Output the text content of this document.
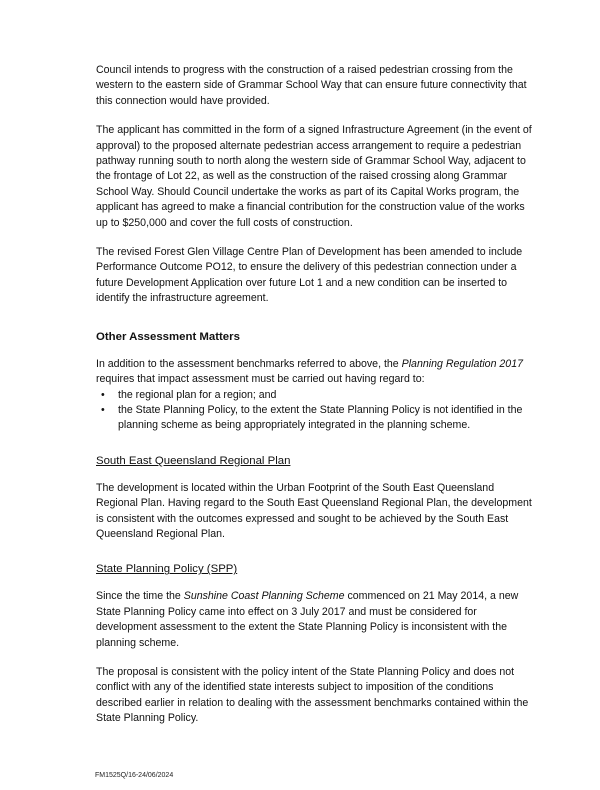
Council intends to progress with the construction of a raised pedestrian crossing from the western to the eastern side of Grammar School Way that can ensure future connectivity that this connection would have provided.

The applicant has committed in the form of a signed Infrastructure Agreement (in the event of approval) to the proposed alternate pedestrian access arrangement to require a pedestrian pathway running south to north along the western side of Grammar School Way, adjacent to the frontage of Lot 22, as well as the construction of the raised crossing along Grammar School Way. Should Council undertake the works as part of its Capital Works program, the applicant has agreed to make a financial contribution for the construction value of the works up to $250,000 and cover the full costs of construction.

The revised Forest Glen Village Centre Plan of Development has been amended to include Performance Outcome PO12, to ensure the delivery of this pedestrian connection under a future Development Application over future Lot 1 and a new condition can be inserted to identify the infrastructure agreement.

Other Assessment Matters

In addition to the assessment benchmarks referred to above, the Planning Regulation 2017 requires that impact assessment must be carried out having regard to:

• the regional plan for a region; and
• the State Planning Policy, to the extent the State Planning Policy is not identified in the planning scheme as being appropriately integrated in the planning scheme.
South East Queensland Regional Plan

The development is located within the Urban Footprint of the South East Queensland Regional Plan. Having regard to the South East Queensland Regional Plan, the development is consistent with the outcomes expressed and sought to be achieved by the South East Queensland Regional Plan.

State Planning Policy (SPP)

Since the time the Sunshine Coast Planning Scheme commenced on 21 May 2014, a new State Planning Policy came into effect on 3 July 2017 and must be considered for development assessment to the extent the State Planning Policy is inconsistent with the planning scheme.

The proposal is consistent with the policy intent of the State Planning Policy and does not conflict with any of the identified state interests subject to imposition of the conditions described earlier in relation to dealing with the assessment benchmarks contained within the State Planning Policy.

FM1525Q/16-24/06/2024
